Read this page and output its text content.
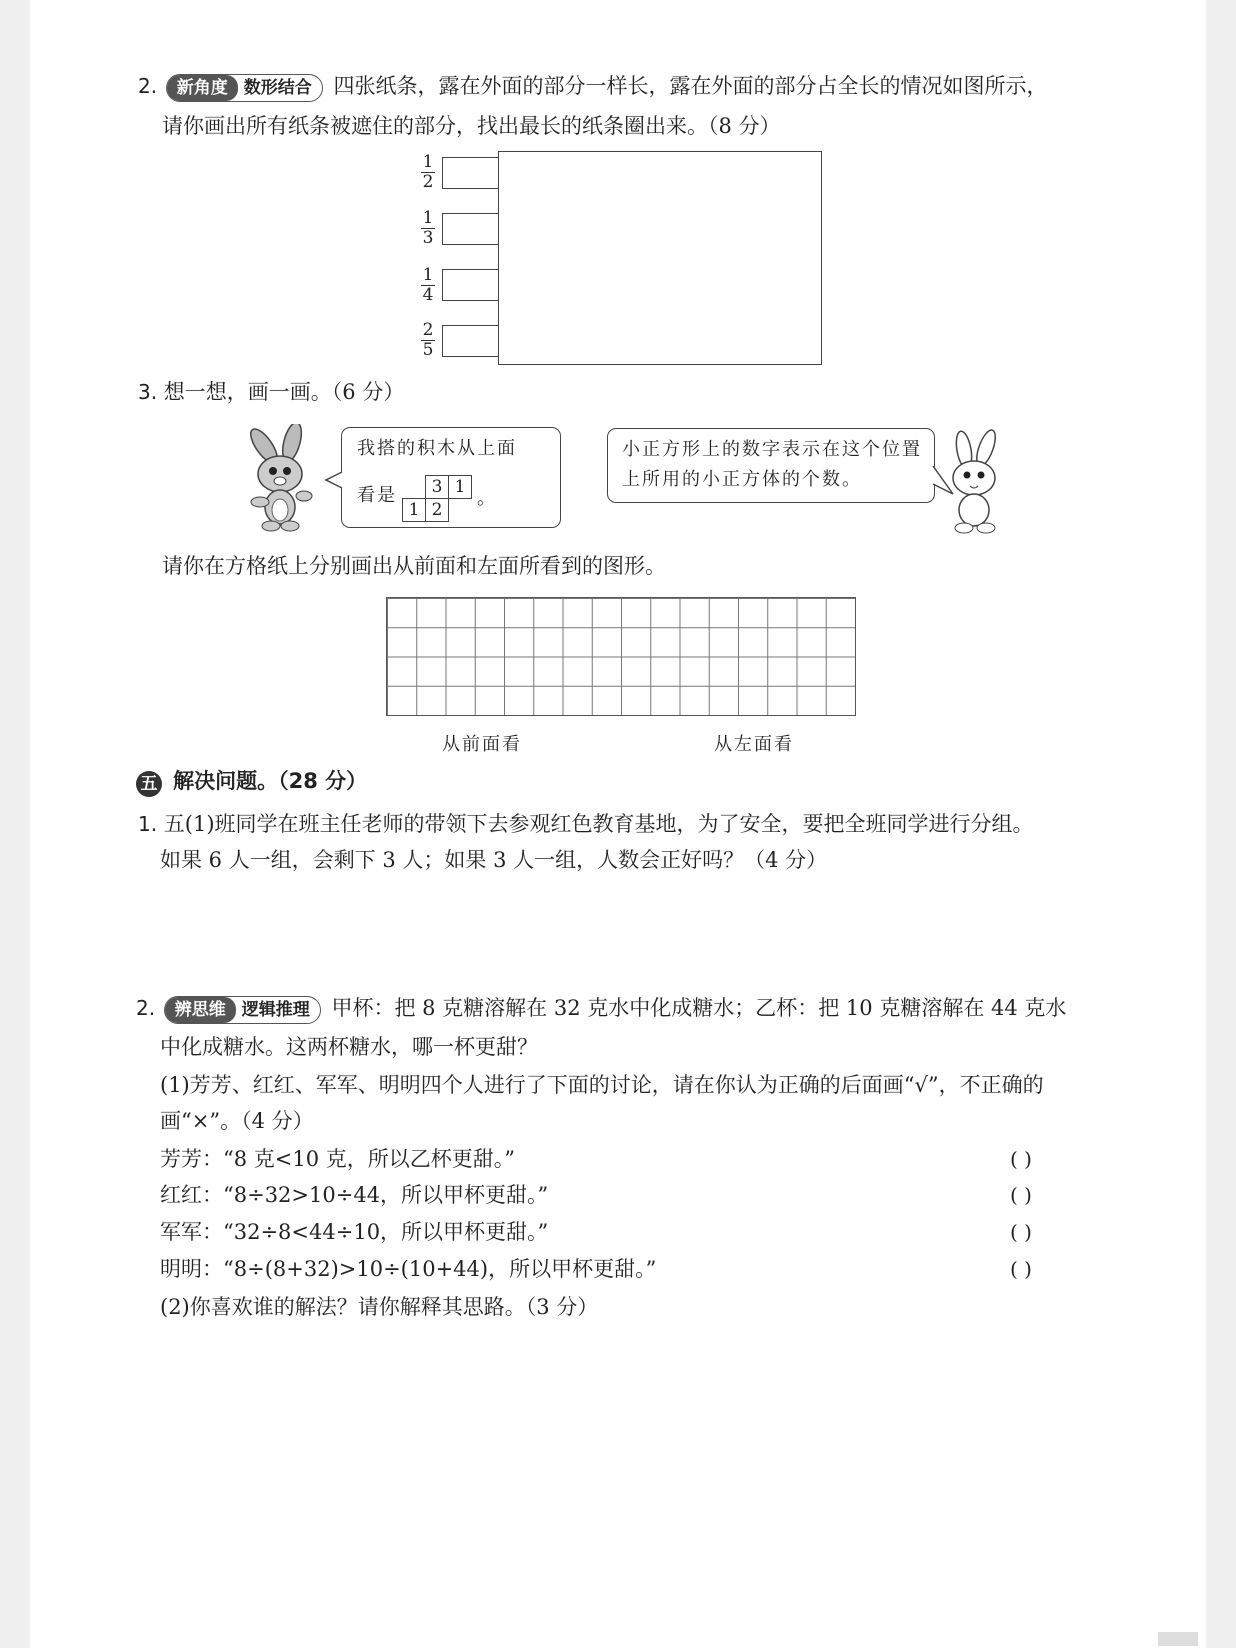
2.	新角度 数形结合	四张纸条，露在外面的部分一样长，露在外面的部分占全长的情况如图所示，
请你画出所有纸条被遮住的部分，找出最长的纸条圈出来。（8 分）
1
2
1
3
1
4
2
5
3. 想一想，画一画。（6 分）
我搭的积木从上面
看是	3 1
1 2
。
小正方形上的数字表示在这个位置
上所用的小正方体的个数。
请你在方格纸上分别画出从前面和左面所看到的图形。
从前面看	从左面看
五 解决问题。（28 分）
1. 五(1)班同学在班主任老师的带领下去参观红色教育基地，为了安全，要把全班同学进行分组。
如果 6 人一组，会剩下 3 人；如果 3 人一组，人数会正好吗？（4 分）
2.	辨思维 逻辑推理	甲杯：把 8 克糖溶解在 32 克水中化成糖水；乙杯：把 10 克糖溶解在 44 克水
中化成糖水。这两杯糖水，哪一杯更甜？
(1)芳芳、红红、军军、明明四个人进行了下面的讨论，请在你认为正确的后面画“√”，不正确的
画“×”。（4 分）
芳芳：“8 克<10 克，所以乙杯更甜。”	( )
红红：“8÷32>10÷44，所以甲杯更甜。”	( )
军军：“32÷8<44÷10，所以甲杯更甜。”	( )
明明：“8÷(8+32)>10÷(10+44)，所以甲杯更甜。”	( )
(2)你喜欢谁的解法？请你解释其思路。（3 分）
